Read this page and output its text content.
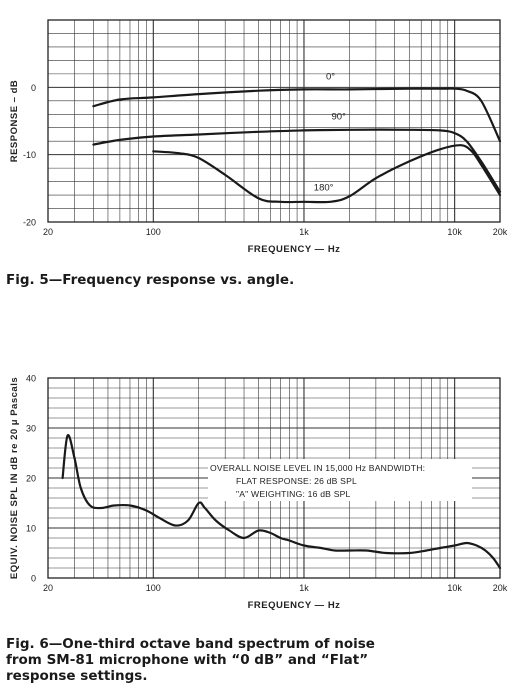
20	100	1k	10k	20k
0
-10
-20
FREQUENCY — Hz
RESPONSE – dB
0°
90°
180°
20	100	1k	10k	20k
0
10
20
30
40
FREQUENCY — Hz
EQUIV. NOISE SPL IN dB re 20 μ Pascals	OVERALL NOISE LEVEL IN 15,000 Hz BANDWIDTH:
FLAT RESPONSE: 26 dB SPL
"A" WEIGHTING: 16 dB SPL
Fig. 5—Frequency response vs. angle.
Fig. 6—One-third octave band spectrum of noise
from SM-81 microphone with “0 dB” and “Flat”
response settings.
